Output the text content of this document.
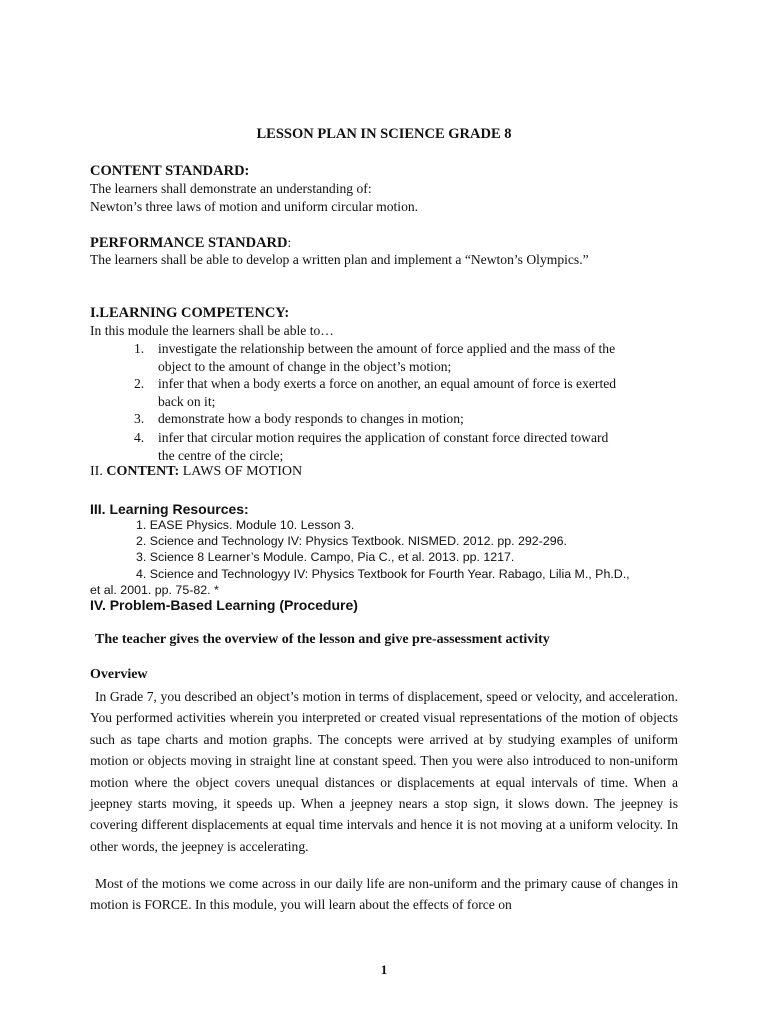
LESSON PLAN IN SCIENCE GRADE 8
CONTENT STANDARD:
The learners shall demonstrate an understanding of:
Newton’s three laws of motion and uniform circular motion.
PERFORMANCE STANDARD:
The learners shall be able to develop a written plan and implement a “Newton’s Olympics.”
I.LEARNING COMPETENCY:
In this module the learners shall be able to…
1. investigate the relationship between the amount of force applied and the mass of the
object to the amount of change in the object’s motion;
2. infer that when a body exerts a force on another, an equal amount of force is exerted
back on it;
3. demonstrate how a body responds to changes in motion;
4. infer that circular motion requires the application of constant force directed toward
the centre of the circle;
II. CONTENT: LAWS OF MOTION
III. Learning Resources:
1. EASE Physics. Module 10. Lesson 3.
2. Science and Technology IV: Physics Textbook. NISMED. 2012. pp. 292-296.
3. Science 8 Learner’s Module. Campo, Pia C., et al. 2013. pp. 1217.
4. Science and Technologyy IV: Physics Textbook for Fourth Year. Rabago, Lilia M., Ph.D.,
et al. 2001. pp. 75-82. *
IV. Problem-Based Learning (Procedure)
The teacher gives the overview of the lesson and give pre-assessment activity
Overview
In Grade 7, you described an object’s motion in terms of displacement, speed or velocity, and acceleration. You performed activities wherein you interpreted or created visual representations of the motion of objects such as tape charts and motion graphs. The concepts were arrived at by studying examples of uniform motion or objects moving in straight line at constant speed. Then you were also introduced to non-uniform motion where the object covers unequal distances or displacements at equal intervals of time. When a jeepney starts moving, it speeds up. When a jeepney nears a stop sign, it slows down. The jeepney is covering different displacements at equal time intervals and hence it is not moving at a uniform velocity. In other words, the jeepney is accelerating.
Most of the motions we come across in our daily life are non-uniform and the primary cause of changes in motion is FORCE. In this module, you will learn about the effects of force on
1
